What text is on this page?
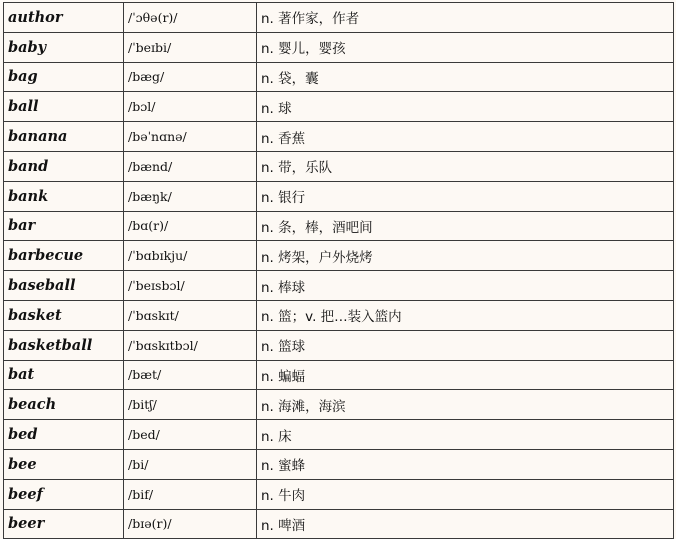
author	/ˈɔθə(r)/	n. 著作家，作者
baby	/ˈbeɪbi/	n. 婴儿，婴孩
bag	/bæg/	n. 袋，囊
ball	/bɔl/	n. 球
banana	/bəˈnɑnə/	n. 香蕉
band	/bænd/	n. 带，乐队
bank	/bæŋk/	n. 银行
bar	/bɑ(r)/	n. 条，棒，酒吧间
barbecue	/ˈbɑbɪkju/	n. 烤架，户外烧烤
baseball	/ˈbeɪsbɔl/	n. 棒球
basket	/ˈbɑskɪt/	n. 篮；v. 把…装入篮内
basketball	/ˈbɑskɪtbɔl/	n. 篮球
bat	/bæt/	n. 蝙蝠
beach	/bitʃ/	n. 海滩，海滨
bed	/bed/	n. 床
bee	/bi/	n. 蜜蜂
beef	/bif/	n. 牛肉
beer	/bɪə(r)/	n. 啤酒
